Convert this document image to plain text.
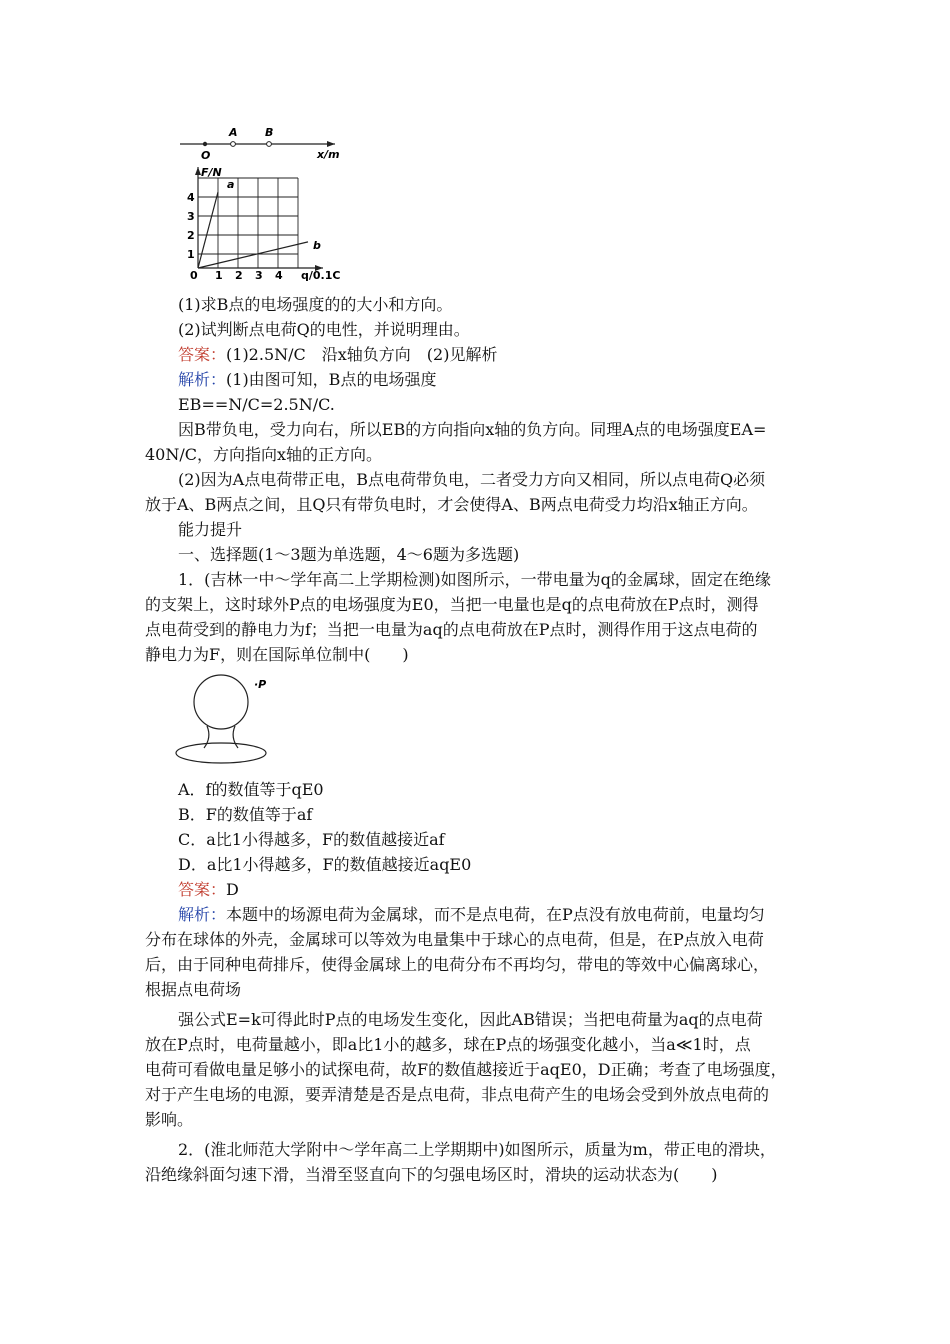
O
A B
x/m
F/N
q/0.1C
0
1
2
3
4
1 2 3 4
a
b
(1)求B点的电场强度的的大小和方向。
(2)试判断点电荷Q的电性，并说明理由。
答案：(1)2.5N/C　沿x轴负方向　(2)见解析
解析：(1)由图可知，B点的电场强度
EB==N/C=2.5N/C.
因B带负电，受力向右，所以EB的方向指向x轴的负方向。同理A点的电场强度EA=
40N/C，方向指向x轴的正方向。
(2)因为A点电荷带正电，B点电荷带负电，二者受力方向又相同，所以点电荷Q必须
放于A、B两点之间，且Q只有带负电时，才会使得A、B两点电荷受力均沿x轴正方向。
能力提升
一、选择题(1～3题为单选题，4～6题为多选题)
1．(吉林一中～学年高二上学期检测)如图所示，一带电量为q的金属球，固定在绝缘
的支架上，这时球外P点的电场强度为E0，当把一电量也是q的点电荷放在P点时，测得
点电荷受到的静电力为f；当把一电量为aq的点电荷放在P点时，测得作用于这点电荷的
静电力为F，则在国际单位制中(　　)
·P
A．f的数值等于qE0
B．F的数值等于af
C．a比1小得越多，F的数值越接近af
D．a比1小得越多，F的数值越接近aqE0
答案：D
解析：本题中的场源电荷为金属球，而不是点电荷，在P点没有放电荷前，电量均匀
分布在球体的外壳，金属球可以等效为电量集中于球心的点电荷，但是，在P点放入电荷
后，由于同种电荷排斥，使得金属球上的电荷分布不再均匀，带电的等效中心偏离球心，
根据点电荷场
强公式E=k可得此时P点的电场发生变化，因此AB错误；当把电荷量为aq的点电荷
放在P点时，电荷量越小，即a比1小的越多，球在P点的场强变化越小，当a≪1时，点
电荷可看做电量足够小的试探电荷，故F的数值越接近于aqE0，D正确；考查了电场强度，
对于产生电场的电源，要弄清楚是否是点电荷，非点电荷产生的电场会受到外放点电荷的
影响。
2．(淮北师范大学附中～学年高二上学期期中)如图所示，质量为m，带正电的滑块，
沿绝缘斜面匀速下滑，当滑至竖直向下的匀强电场区时，滑块的运动状态为(　　)
